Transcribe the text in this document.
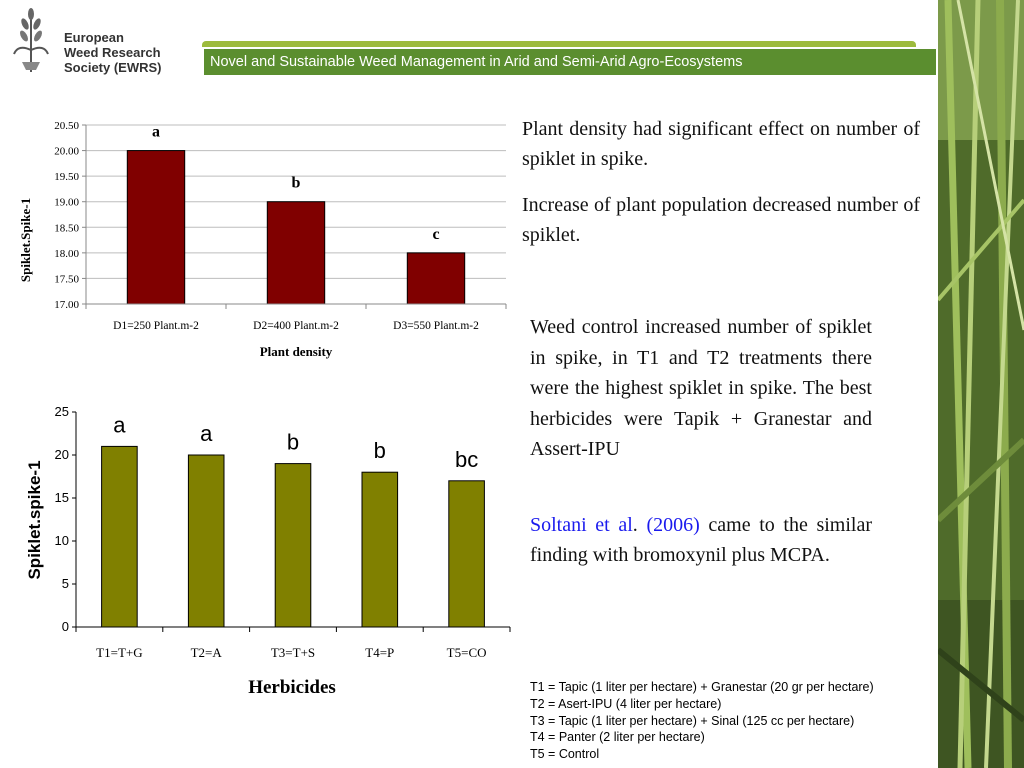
European
Weed Research
Society (EWRS)	Novel and Sustainable Weed Management in Arid and Semi-Arid Agro-Ecosystems
a
b
c
17.00
17.50
18.00
18.50
19.00
19.50
20.00
20.50
D1=250 Plant.m-2	D2=400 Plant.m-2	D3=550 Plant.m-2
Spiklet.Spike-1
Plant density
a	a	b	b	bc
0
5
10
15
20
25
T1=T+G	T2=A	T3=T+S	T4=P	T5=CO
Spiklet.spike-1
Herbicides
Plant density had significant effect on number of spiklet in spike.
Increase of plant population decreased number of spiklet.
Weed control increased number of spiklet in spike, in T1 and T2 treatments there were the highest spiklet in spike. The best herbicides were Tapik + Granestar and Assert-IPU
Soltani et al. (2006) came to the similar finding with bromoxynil plus MCPA.
T1 = Tapic (1 liter per hectare) + Granestar (20 gr per hectare)
T2 = Asert-IPU (4 liter per hectare)
T3 = Tapic (1 liter per hectare) + Sinal (125 cc per hectare)
T4 = Panter (2 liter per hectare)
T5 = Control
